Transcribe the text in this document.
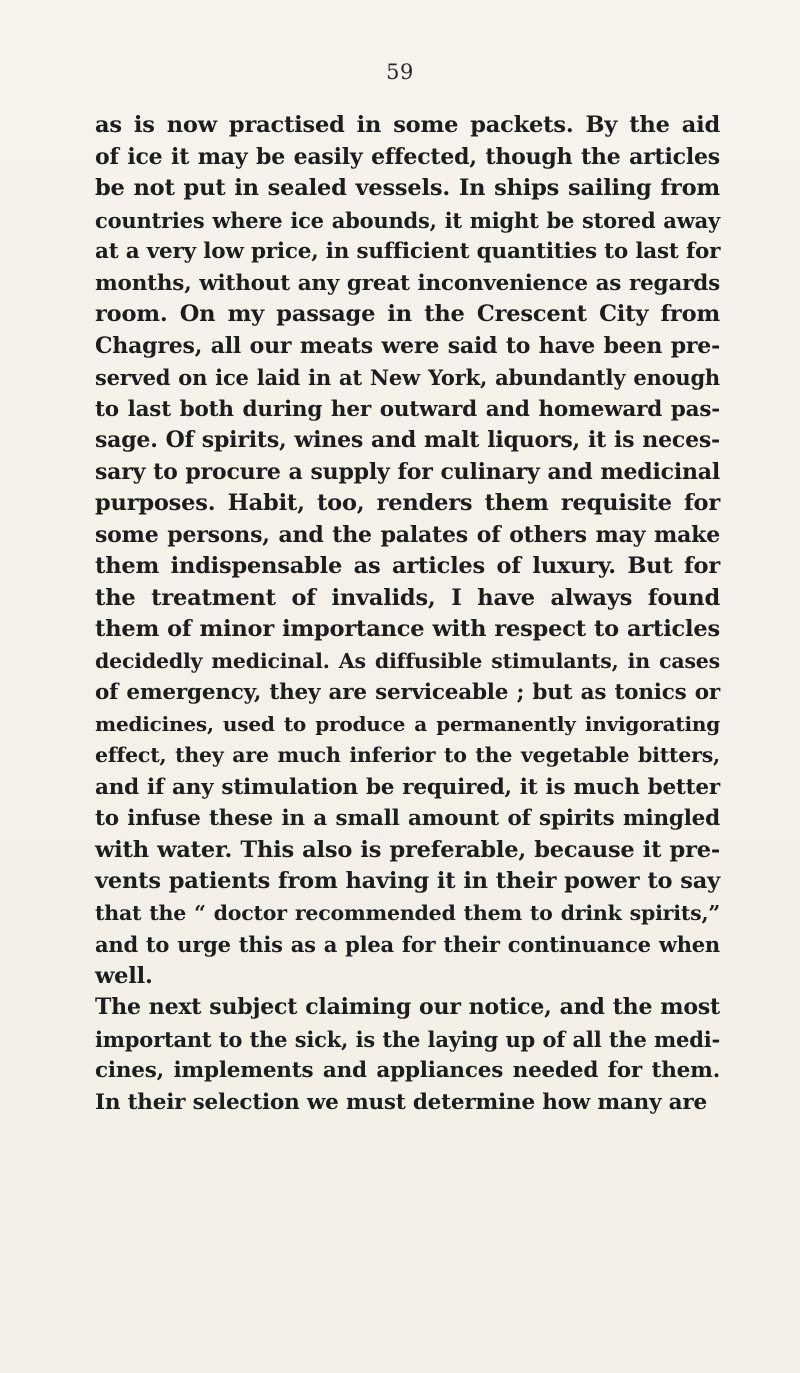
59
as is now practised in some packets. By the aid
of ice it may be easily effected, though the articles
be not put in sealed vessels. In ships sailing from
countries where ice abounds, it might be stored away
at a very low price, in sufficient quantities to last for
months, without any great inconvenience as regards
room. On my passage in the Crescent City from
Chagres, all our meats were said to have been pre-
served on ice laid in at New York, abundantly enough
to last both during her outward and homeward pas-
sage. Of spirits, wines and malt liquors, it is neces-
sary to procure a supply for culinary and medicinal
purposes. Habit, too, renders them requisite for
some persons, and the palates of others may make
them indispensable as articles of luxury. But for
the treatment of invalids, I have always found
them of minor importance with respect to articles
decidedly medicinal. As diffusible stimulants, in cases
of emergency, they are serviceable ; but as tonics or
medicines, used to produce a permanently invigorating
effect, they are much inferior to the vegetable bitters,
and if any stimulation be required, it is much better
to infuse these in a small amount of spirits mingled
with water. This also is preferable, because it pre-
vents patients from having it in their power to say
that the “ doctor recommended them to drink spirits,”
and to urge this as a plea for their continuance when
well.
The next subject claiming our notice, and the most
important to the sick, is the laying up of all the medi-
cines, implements and appliances needed for them.
In their selection we must determine how many are
